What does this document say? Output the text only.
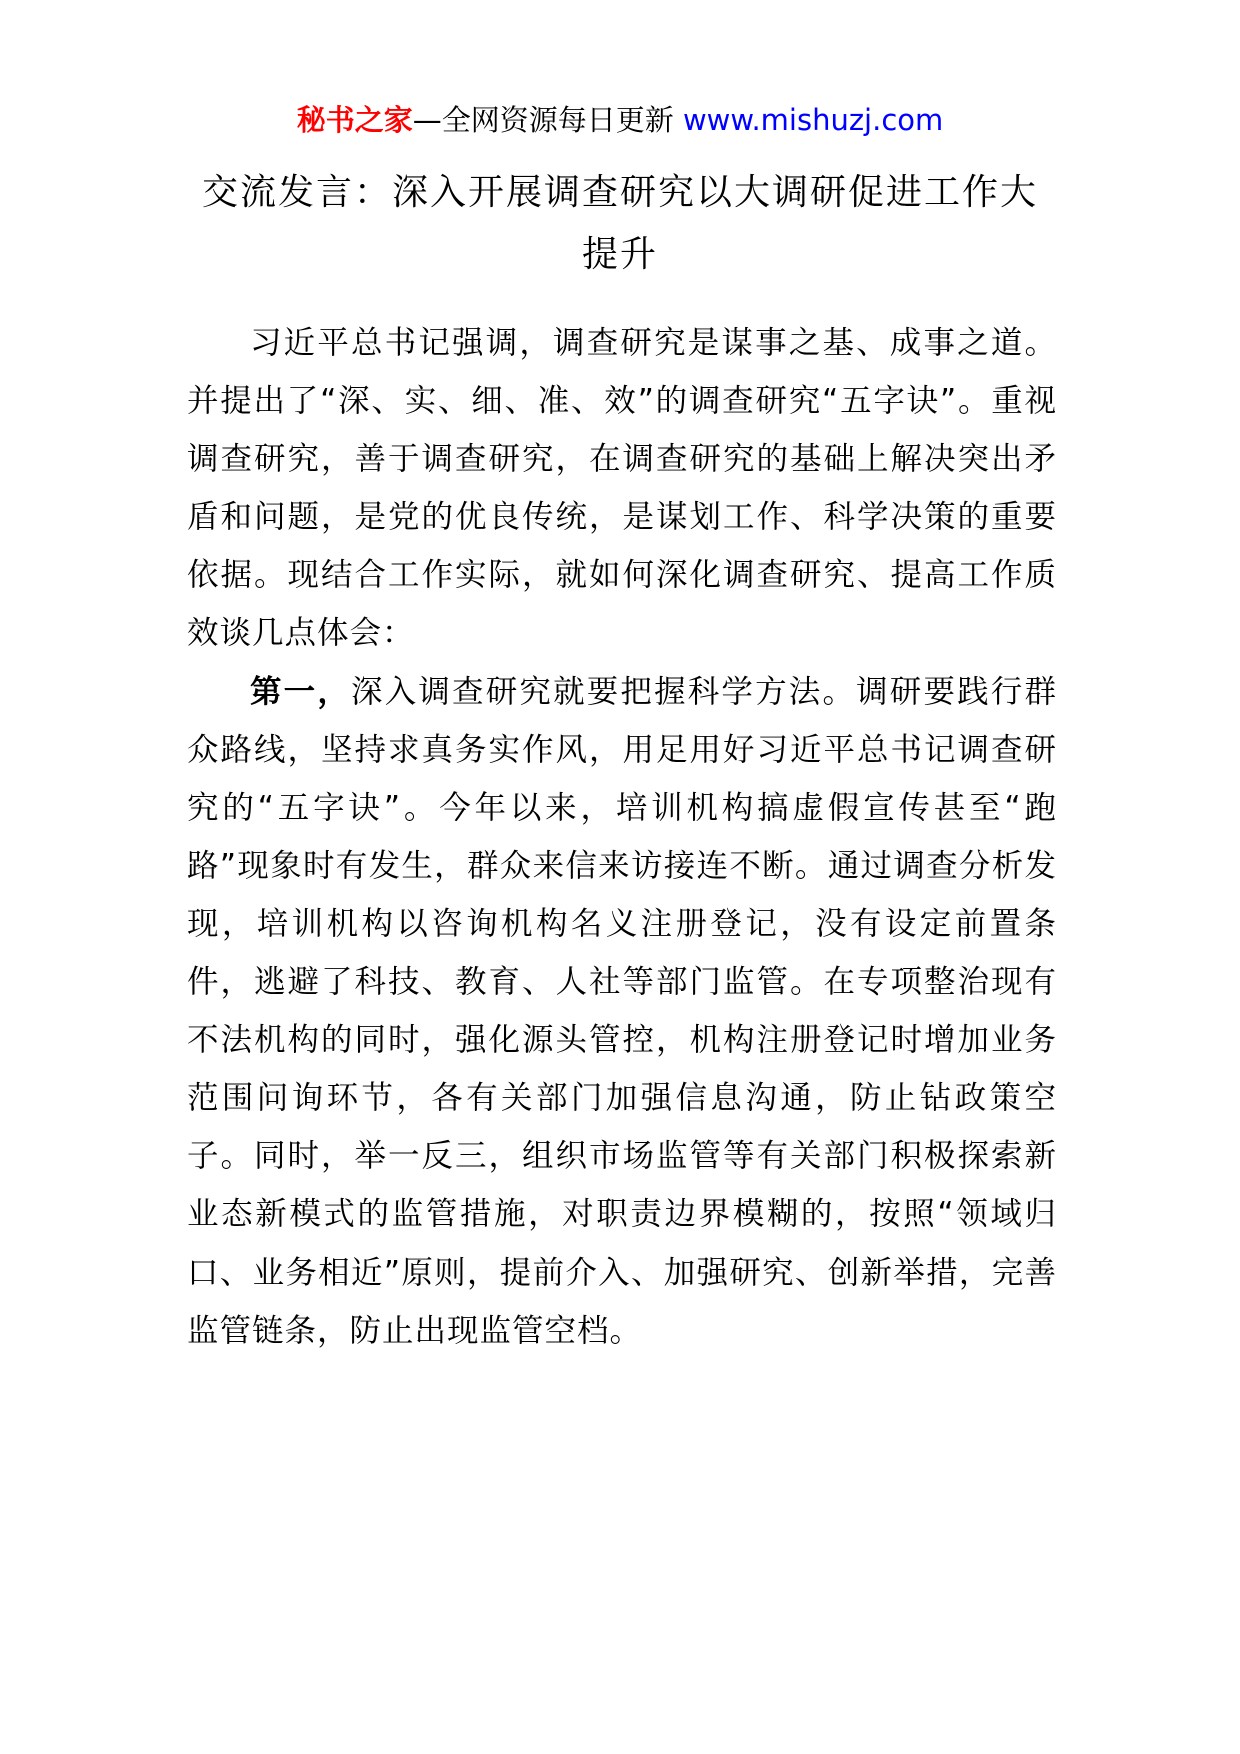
秘书之家—全网资源每日更新 www.mishuzj.com
交流发言：深入开展调查研究以大调研促进工作大提升

习近平总书记强调，调查研究是谋事之基、成事之道。并提出了“深、实、细、准、效”的调查研究“五字诀”。重视调查研究，善于调查研究，在调查研究的基础上解决突出矛盾和问题，是党的优良传统，是谋划工作、科学决策的重要依据。现结合工作实际，就如何深化调查研究、提高工作质效谈几点体会：

第一，深入调查研究就要把握科学方法。调研要践行群众路线，坚持求真务实作风，用足用好习近平总书记调查研究的“五字诀”。今年以来，培训机构搞虚假宣传甚至“跑路”现象时有发生，群众来信来访接连不断。通过调查分析发现，培训机构以咨询机构名义注册登记，没有设定前置条件，逃避了科技、教育、人社等部门监管。在专项整治现有不法机构的同时，强化源头管控，机构注册登记时增加业务范围问询环节，各有关部门加强信息沟通，防止钻政策空子。同时，举一反三，组织市场监管等有关部门积极探索新业态新模式的监管措施，对职责边界模糊的，按照“领域归口、业务相近”原则，提前介入、加强研究、创新举措，完善监管链条，防止出现监管空档。
